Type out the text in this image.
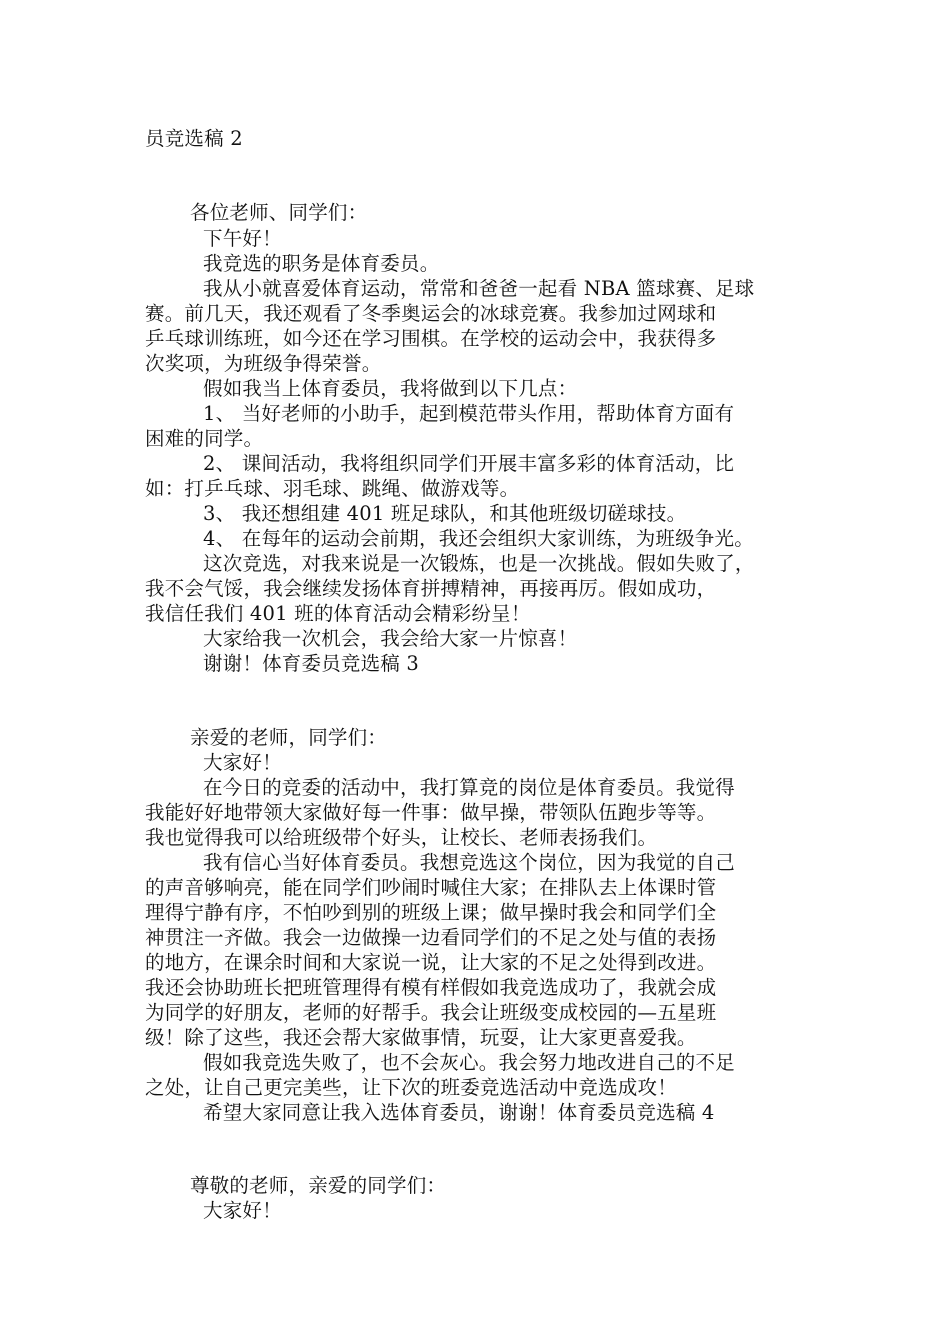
员竞选稿 2
各位老师、同学们：
下午好！
我竞选的职务是体育委员。
我从小就喜爱体育运动，常常和爸爸一起看 NBA 篮球赛、足球
赛。前几天，我还观看了冬季奥运会的冰球竞赛。我参加过网球和
乒乓球训练班，如今还在学习围棋。在学校的运动会中，我获得多
次奖项，为班级争得荣誉。
假如我当上体育委员，我将做到以下几点：
1、 当好老师的小助手，起到模范带头作用，帮助体育方面有
困难的同学。
2、 课间活动，我将组织同学们开展丰富多彩的体育活动，比
如：打乒乓球、羽毛球、跳绳、做游戏等。
3、 我还想组建 401 班足球队，和其他班级切磋球技。
4、 在每年的运动会前期，我还会组织大家训练，为班级争光。
这次竞选，对我来说是一次锻炼，也是一次挑战。假如失败了，
我不会气馁，我会继续发扬体育拼搏精神，再接再厉。假如成功，
我信任我们 401 班的体育活动会精彩纷呈！
大家给我一次机会，我会给大家一片惊喜！
谢谢！体育委员竞选稿 3
亲爱的老师，同学们：
大家好！
在今日的竞委的活动中，我打算竞的岗位是体育委员。我觉得
我能好好地带领大家做好每一件事：做早操，带领队伍跑步等等。
我也觉得我可以给班级带个好头，让校长、老师表扬我们。
我有信心当好体育委员。我想竞选这个岗位，因为我觉的自己
的声音够响亮，能在同学们吵闹时喊住大家；在排队去上体课时管
理得宁静有序，不怕吵到别的班级上课；做早操时我会和同学们全
神贯注一齐做。我会一边做操一边看同学们的不足之处与值的表扬
的地方，在课余时间和大家说一说，让大家的不足之处得到改进。
我还会协助班长把班管理得有模有样假如我竞选成功了，我就会成
为同学的好朋友，老师的好帮手。我会让班级变成校园的—五星班
级！除了这些，我还会帮大家做事情，玩耍，让大家更喜爱我。
假如我竞选失败了，也不会灰心。我会努力地改进自己的不足
之处，让自己更完美些，让下次的班委竞选活动中竞选成攻！
希望大家同意让我入选体育委员，谢谢！体育委员竞选稿 4
尊敬的老师，亲爱的同学们：
大家好！
